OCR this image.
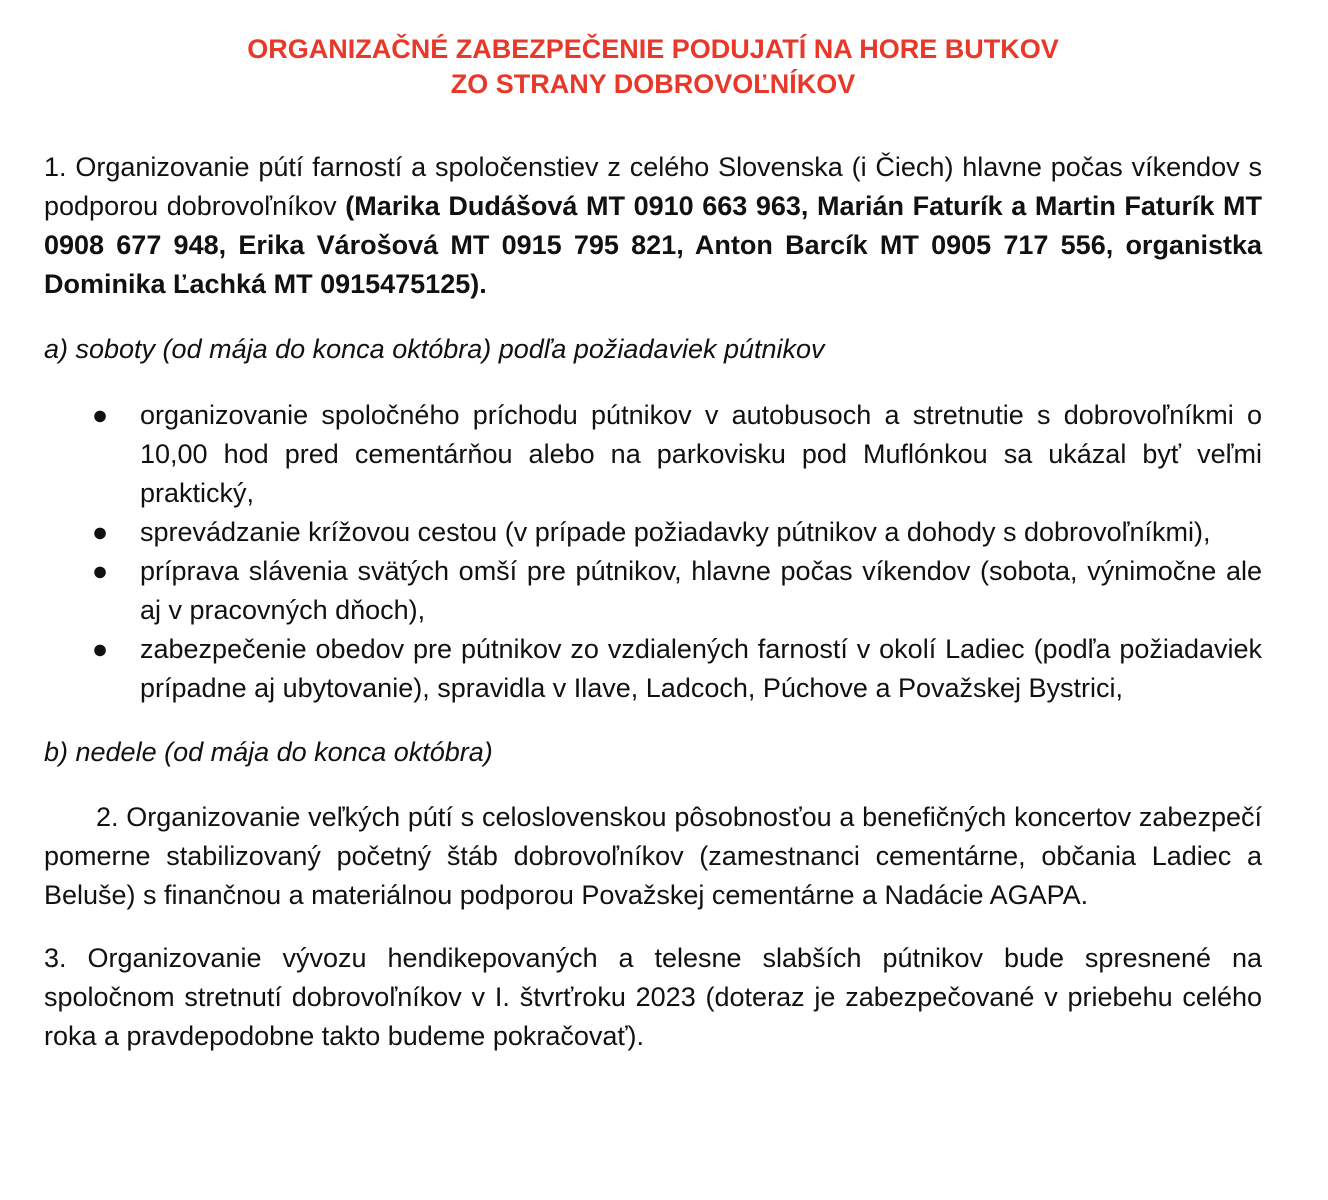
ORGANIZAČNÉ ZABEZPEČENIE PODUJATÍ NA HORE BUTKOV
ZO STRANY DOBROVOĽNÍKOV

1. Organizovanie pútí farností a spoločenstiev z celého Slovenska (i Čiech) hlavne počas víkendov s podporou dobrovoľníkov (Marika Dudášová MT 0910 663 963, Marián Faturík a Martin Faturík MT 0908 677 948, Erika Várošová MT 0915 795 821, Anton Barcík MT 0905 717 556, organistka Dominika Ľachká MT 0915475125).

a) soboty (od mája do konca októbra) podľa požiadaviek pútnikov

● organizovanie spoločného príchodu pútnikov v autobusoch a stretnutie s dobrovoľníkmi o 10,00 hod pred cementárňou alebo na parkovisku pod Muflónkou sa ukázal byť veľmi praktický,
● sprevádzanie krížovou cestou (v prípade požiadavky pútnikov a dohody s dobrovoľníkmi),
● príprava slávenia svätých omší pre pútnikov, hlavne počas víkendov (sobota, výnimočne ale aj v pracovných dňoch),
● zabezpečenie obedov pre pútnikov zo vzdialených farností v okolí Ladiec (podľa požiadaviek prípadne aj ubytovanie), spravidla v Ilave, Ladcoch, Púchove a Považskej Bystrici,

b) nedele (od mája do konca októbra)

2. Organizovanie veľkých pútí s celoslovenskou pôsobnosťou a benefičných koncertov zabezpečí pomerne stabilizovaný početný štáb dobrovoľníkov (zamestnanci cementárne, občania Ladiec a Beluše) s finančnou a materiálnou podporou Považskej cementárne a Nadácie AGAPA.

3. Organizovanie vývozu hendikepovaných a telesne slabších pútnikov bude spresnené na spoločnom stretnutí dobrovoľníkov v I. štvrťroku 2023 (doteraz je zabezpečované v priebehu celého roka a pravdepodobne takto budeme pokračovať).
